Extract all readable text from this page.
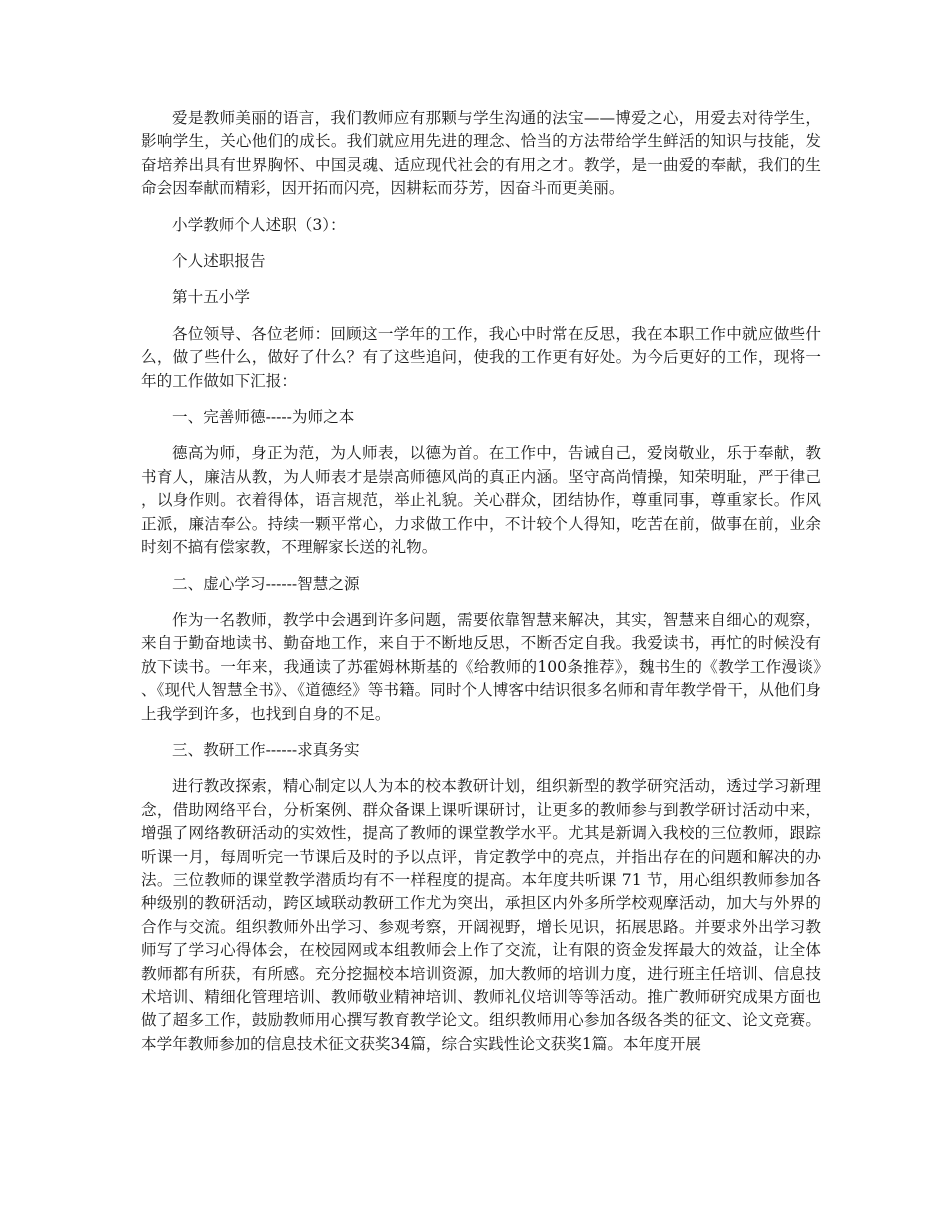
爱是教师美丽的语言，我们教师应有那颗与学生沟通的法宝——博爱之心，用爱去对待学生，影响学生，关心他们的成长。我们就应用先进的理念、恰当的方法带给学生鲜活的知识与技能，发奋培养出具有世界胸怀、中国灵魂、适应现代社会的有用之才。教学，是一曲爱的奉献，我们的生命会因奉献而精彩，因开拓而闪亮，因耕耘而芬芳，因奋斗而更美丽。

小学教师个人述职（3）：

个人述职报告

第十五小学

各位领导、各位老师：回顾这一学年的工作，我心中时常在反思，我在本职工作中就应做些什么，做了些什么，做好了什么？有了这些追问，使我的工作更有好处。为今后更好的工作，现将一年的工作做如下汇报：

一、完善师德-----为师之本

德高为师，身正为范，为人师表，以德为首。在工作中，告诫自己，爱岗敬业，乐于奉献，教书育人，廉洁从教，为人师表才是崇高师德风尚的真正内涵。坚守高尚情操，知荣明耻，严于律己，以身作则。衣着得体，语言规范，举止礼貌。关心群众，团结协作，尊重同事，尊重家长。作风正派，廉洁奉公。持续一颗平常心，力求做工作中，不计较个人得知，吃苦在前，做事在前，业余时刻不搞有偿家教，不理解家长送的礼物。

二、虚心学习------智慧之源

作为一名教师，教学中会遇到许多问题，需要依靠智慧来解决，其实，智慧来自细心的观察，来自于勤奋地读书、勤奋地工作，来自于不断地反思，不断否定自我。我爱读书，再忙的时候没有放下读书。一年来，我通读了苏霍姆林斯基的《给教师的100条推荐》，魏书生的《教学工作漫谈》、《现代人智慧全书》、《道德经》等书籍。同时个人博客中结识很多名师和青年教学骨干，从他们身上我学到许多，也找到自身的不足。

三、教研工作------求真务实

进行教改探索，精心制定以人为本的校本教研计划，组织新型的教学研究活动，透过学习新理念，借助网络平台，分析案例、群众备课上课听课研讨，让更多的教师参与到教学研讨活动中来，增强了网络教研活动的实效性，提高了教师的课堂教学水平。尤其是新调入我校的三位教师，跟踪听课一月，每周听完一节课后及时的予以点评，肯定教学中的亮点，并指出存在的问题和解决的办法。三位教师的课堂教学潜质均有不一样程度的提高。本年度共听课 71 节，用心组织教师参加各种级别的教研活动，跨区域联动教研工作尤为突出，承担区内外多所学校观摩活动，加大与外界的合作与交流。组织教师外出学习、参观考察，开阔视野，增长见识，拓展思路。并要求外出学习教师写了学习心得体会，在校园网或本组教师会上作了交流，让有限的资金发挥最大的效益，让全体教师都有所获，有所感。充分挖掘校本培训资源，加大教师的培训力度，进行班主任培训、信息技术培训、精细化管理培训、教师敬业精神培训、教师礼仪培训等等活动。推广教师研究成果方面也做了超多工作，鼓励教师用心撰写教育教学论文。组织教师用心参加各级各类的征文、论文竞赛。本学年教师参加的信息技术征文获奖34篇，综合实践性论文获奖1篇。本年度开展
